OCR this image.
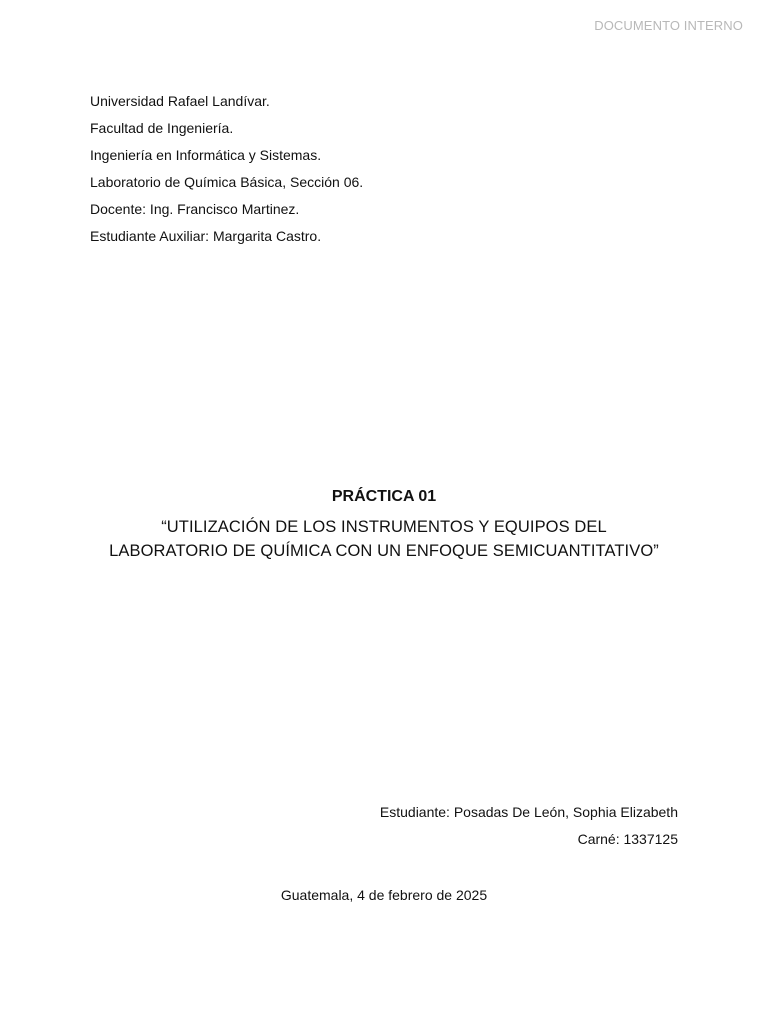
DOCUMENTO INTERNO

Universidad Rafael Landívar.

Facultad de Ingeniería.

Ingeniería en Informática y Sistemas.

Laboratorio de Química Básica, Sección 06.

Docente: Ing. Francisco Martinez.

Estudiante Auxiliar: Margarita Castro.

PRÁCTICA 01

“UTILIZACIÓN DE LOS INSTRUMENTOS Y EQUIPOS DEL
LABORATORIO DE QUÍMICA CON UN ENFOQUE SEMICUANTITATIVO”

Estudiante: Posadas De León, Sophia Elizabeth

Carné: 1337125

Guatemala, 4 de febrero de 2025
